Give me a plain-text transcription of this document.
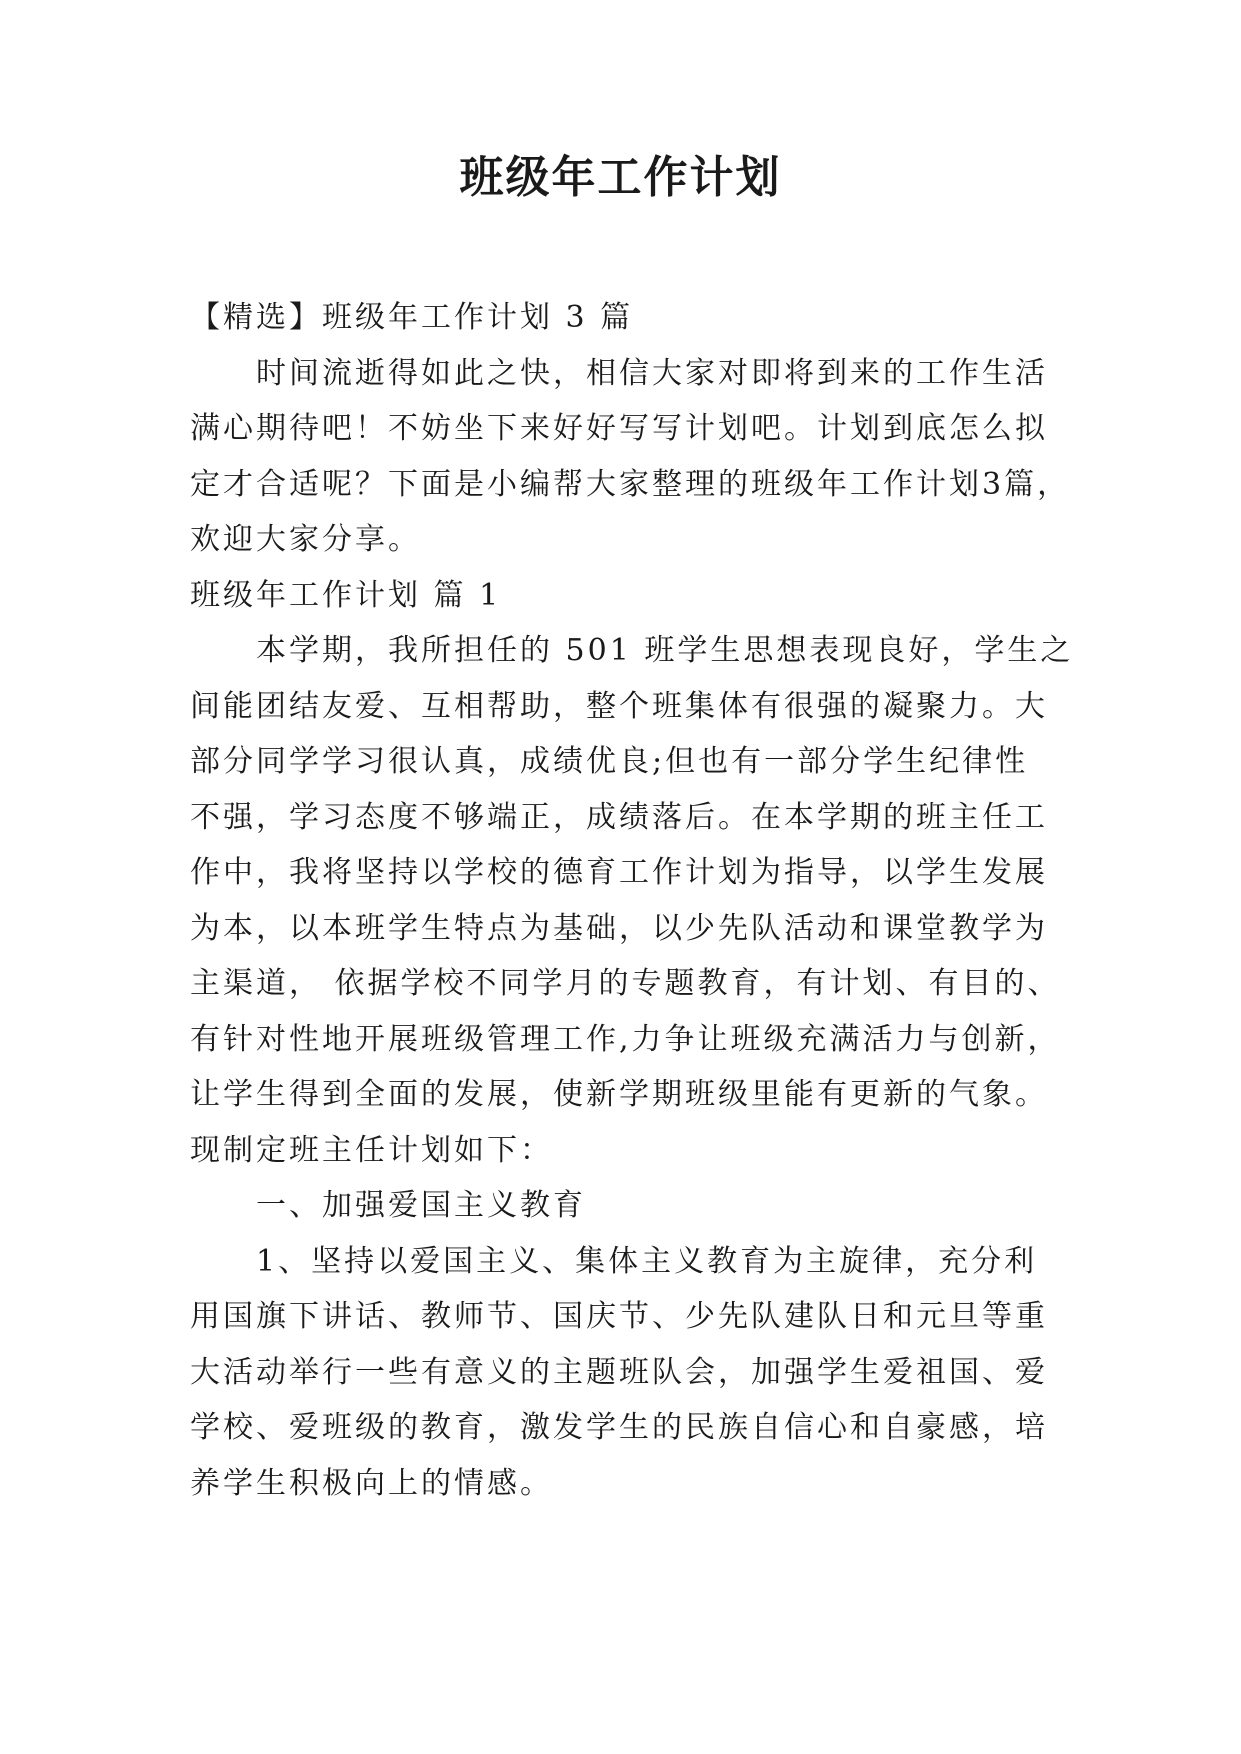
班级年工作计划
【精选】班级年工作计划 3 篇
时间流逝得如此之快，相信大家对即将到来的工作生活
满心期待吧！不妨坐下来好好写写计划吧。计划到底怎么拟
定才合适呢？下面是小编帮大家整理的班级年工作计划3篇，
欢迎大家分享。
班级年工作计划 篇 1
本学期，我所担任的 501 班学生思想表现良好，学生之
间能团结友爱、互相帮助，整个班集体有很强的凝聚力。大
部分同学学习很认真，成绩优良;但也有一部分学生纪律性
不强，学习态度不够端正，成绩落后。在本学期的班主任工
作中，我将坚持以学校的德育工作计划为指导，以学生发展
为本，以本班学生特点为基础，以少先队活动和课堂教学为
主渠道， 依据学校不同学月的专题教育，有计划、有目的、
有针对性地开展班级管理工作,力争让班级充满活力与创新，
让学生得到全面的发展，使新学期班级里能有更新的气象。
现制定班主任计划如下：
一、加强爱国主义教育
1、坚持以爱国主义、集体主义教育为主旋律，充分利
用国旗下讲话、教师节、国庆节、少先队建队日和元旦等重
大活动举行一些有意义的主题班队会，加强学生爱祖国、爱
学校、爱班级的教育，激发学生的民族自信心和自豪感，培
养学生积极向上的情感。
